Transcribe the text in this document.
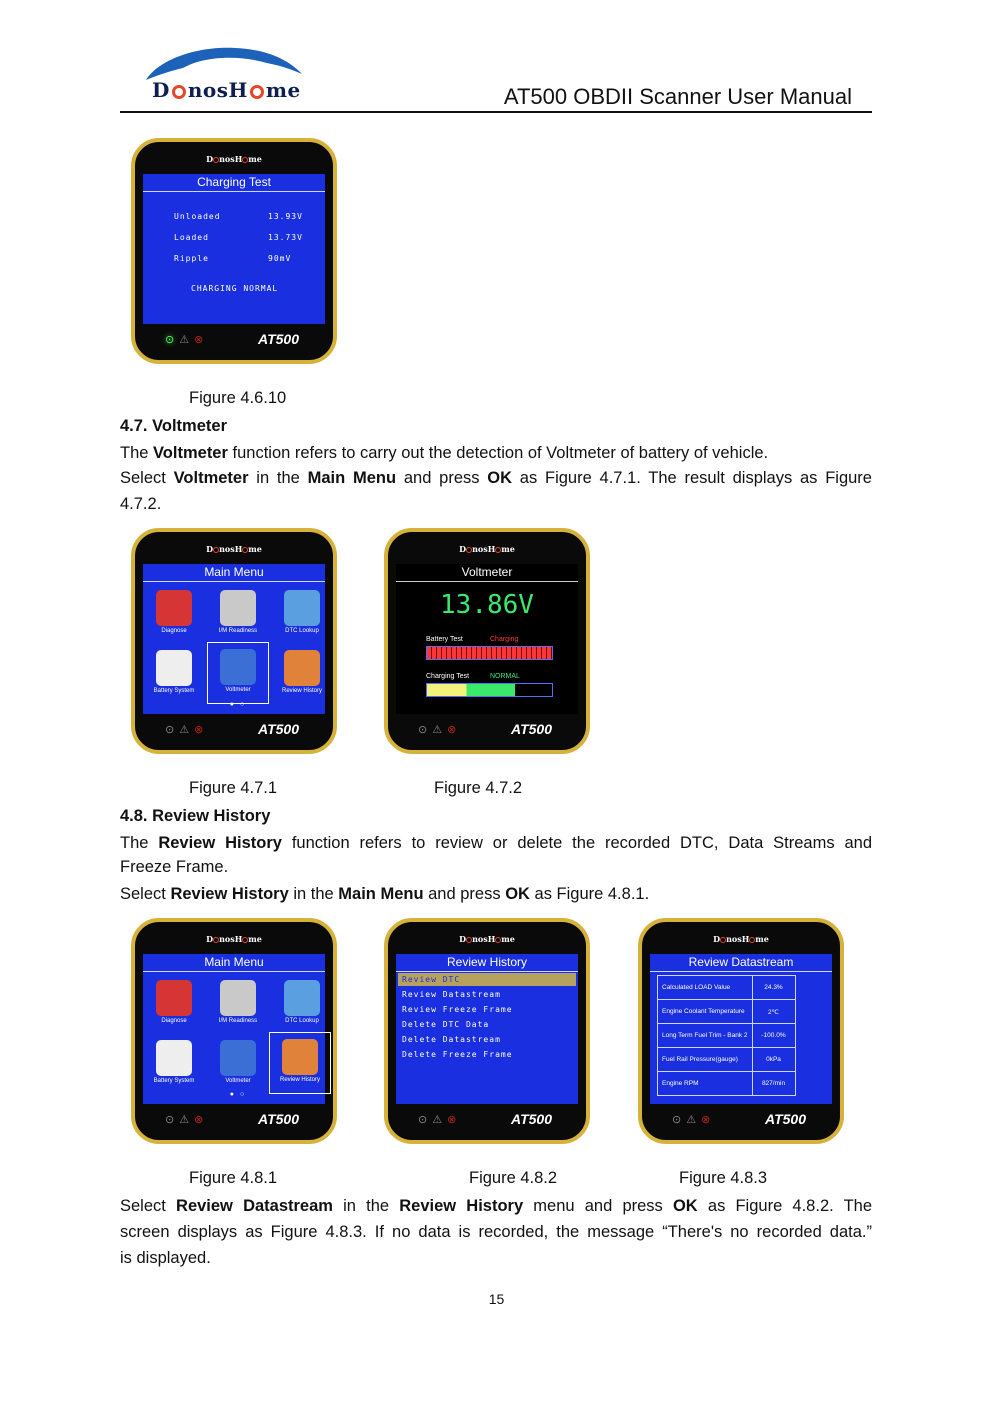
D nosH me	AT500 OBDII Scanner User Manual
D nosH me
Charging Test
Unloaded	13.93V
Loaded	13.73V
Ripple	90mV
CHARGING NORMAL
⊙ ⚠ ⊗	AT500
Figure 4.6.10
4.7. Voltmeter
The Voltmeter function refers to carry out the detection of Voltmeter of battery of vehicle.
Select Voltmeter in the Main Menu and press OK as Figure 4.7.1. The result displays as Figure
4.7.2.
D nosH me
Main Menu
Diagnose	I/M Readiness	DTC Lookup
Battery System	Voltmeter	Review History
● ○
⊙ ⚠ ⊗	AT500
D nosH me
Voltmeter
13.86V
Battery Test	Charging
Charging Test	NORMAL
⊙ ⚠ ⊗	AT500
Figure 4.7.1	Figure 4.7.2
4.8. Review History
The Review History function refers to review or delete the recorded DTC, Data Streams and
Freeze Frame.
Select Review History in the Main Menu and press OK as Figure 4.8.1.
D nosH me
Main Menu
Diagnose	I/M Readiness	DTC Lookup
Battery System	Voltmeter	Review History
● ○
⊙ ⚠ ⊗	AT500
D nosH me
Review History
Review DTC
Review Datastream
Review Freeze Frame
Delete DTC Data
Delete Datastream
Delete Freeze Frame
⊙ ⚠ ⊗	AT500
D nosH me
Review Datastream
Calculated LOAD Value	24.3%
Engine Coolant Temperature	2℃
Long Term Fuel Trim - Bank 2	-100.0%
Fuel Rail Pressure(gauge)	0kPa
Engine RPM	827/min
⊙ ⚠ ⊗	AT500
Figure 4.8.1	Figure 4.8.2	Figure 4.8.3
Select Review Datastream in the Review History menu and press OK as Figure 4.8.2. The
screen displays as Figure 4.8.3. If no data is recorded, the message “There's no recorded data.”
is displayed.
15
